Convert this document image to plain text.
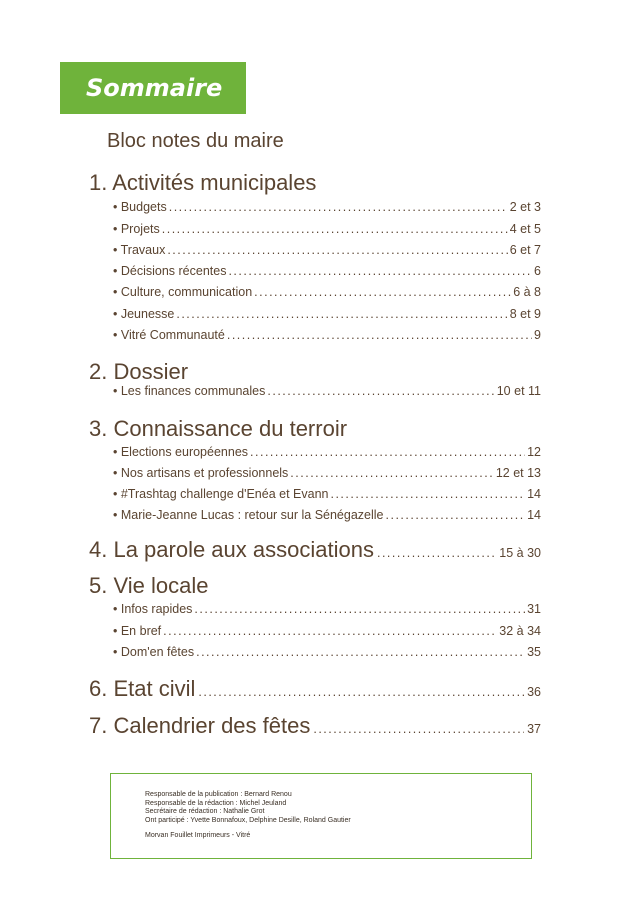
Sommaire
Bloc notes du maire
1. Activités municipales
• Budgets .....	2 et 3
• Projets .....	4 et 5
• Travaux .....	6 et 7
• Décisions récentes .....	6
• Culture, communication .....	6 à 8
• Jeunesse .....	8 et 9
• Vitré Communauté .....	9
2. Dossier
• Les finances communales .....	10 et 11
3. Connaissance du terroir
• Elections européennes .....	12
• Nos artisans et professionnels .....	12 et 13
• #Trashtag challenge d'Enéa et Evann .....	14
• Marie-Jeanne Lucas : retour sur la Sénégazelle .....	14
4. La parole aux associations .....	15 à 30
5. Vie locale
• Infos rapides .....	31
• En bref .....	32 à 34
• Dom'en fêtes .....	35
6. Etat civil .....	36
7. Calendrier des fêtes .....	37
Responsable de la publication : Bernard Renou
Responsable de la rédaction : Michel Jeuland
Secrétaire de rédaction : Nathalie Grot
Ont participé : Yvette Bonnafoux, Delphine Desille, Roland Gautier
Morvan Fouillet Imprimeurs - Vitré
